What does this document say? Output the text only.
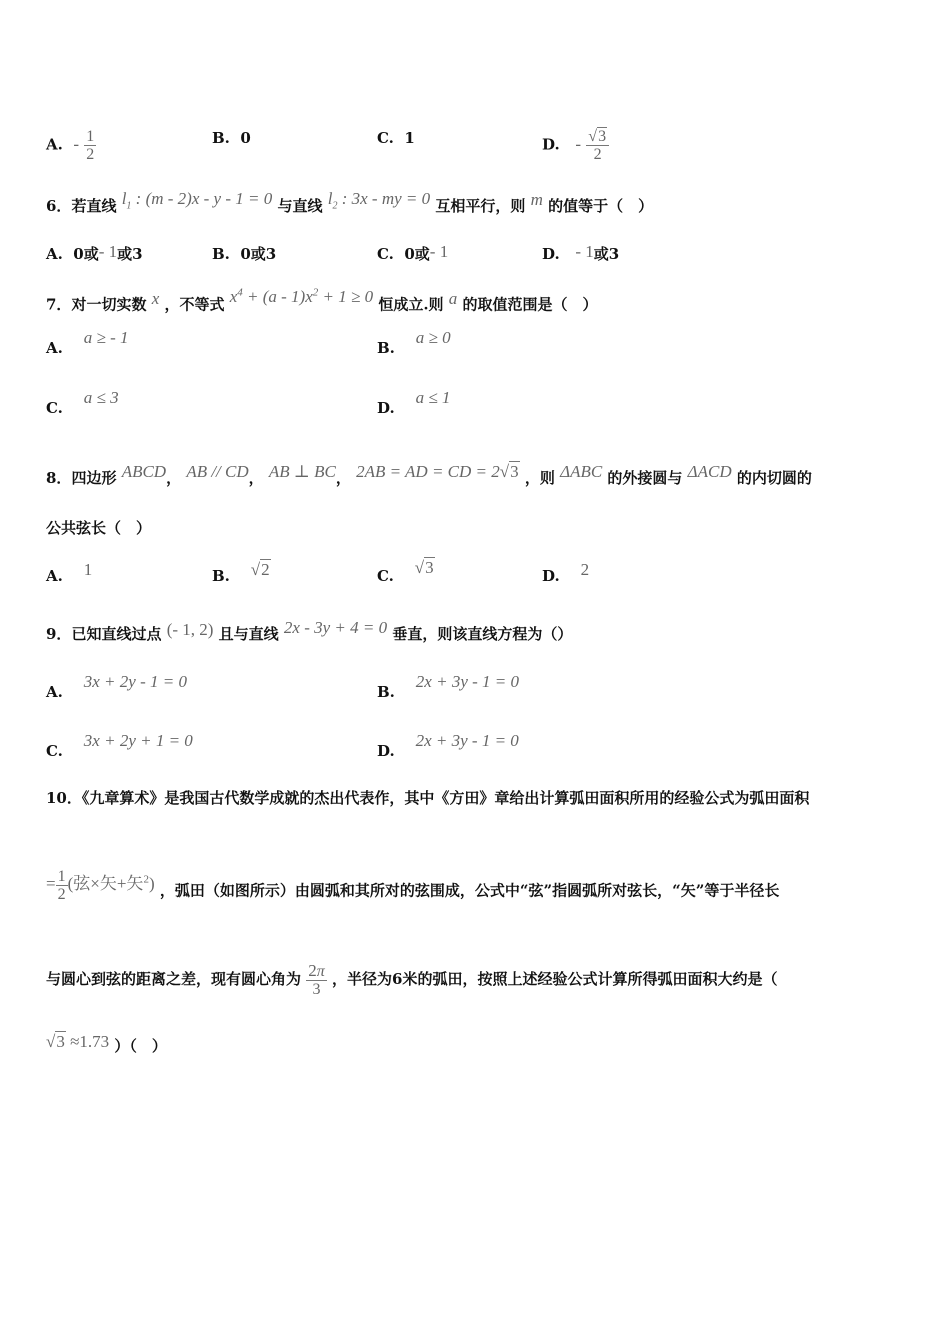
A.  - $\frac{1}{2}$	B.  0	C.  1	D.   - $\frac{√3}{2}$
6．若直线 $l_1$ : (m - 2)x - y - 1 = 0 与直线 $l_2$ : 3x - my = 0 互相平行，则 m 的值等于（　）
A.  0或- 1或3	B.  0或3	C.  0或- 1	D.   - 1或3
7．对一切实数 x ，不等式 $x^4 + (a - 1)x^2 + 1 \ge 0$ 恒成立.则 a 的取值范围是（　）
A.    a ≥ - 1
B.    a ≥ 0
C.    a ≤ 3
D.    a ≤ 1
8．四边形 ABCD， AB // CD， AB ⊥ BC， 2AB = AD = CD = 2√3 ，则 ΔABC 的外接圆与 ΔACD 的内切圆的
公共弦长（　）
A.    1	B.    √2	C.    √3	D.    2
9．已知直线过点 (- 1, 2) 且与直线 2x - 3y + 4 = 0 垂直，则该直线方程为（）
A.    3x + 2y - 1 = 0
B.    2x + 3y - 1 = 0
C.    3x + 2y + 1 = 0
D.    2x + 3y - 1 = 0
10．《九章算术》是我国古代数学成就的杰出代表作，其中《方田》章给出计算弧田面积所用的经验公式为弧田面积
= $\frac{1}{2}$ (弦×矢+矢$^2$) ，弧田（如图所示）由圆弧和其所对的弦围成，公式中“弦”指圆弧所对弦长，“矢”等于半径长
与圆心到弦的距离之差，现有圆心角为 $\frac{2\pi}{3}$ ，半径为6米的弧田，按照上述经验公式计算所得弧田面积大约是（
√3 ≈1.73 ）（　）
